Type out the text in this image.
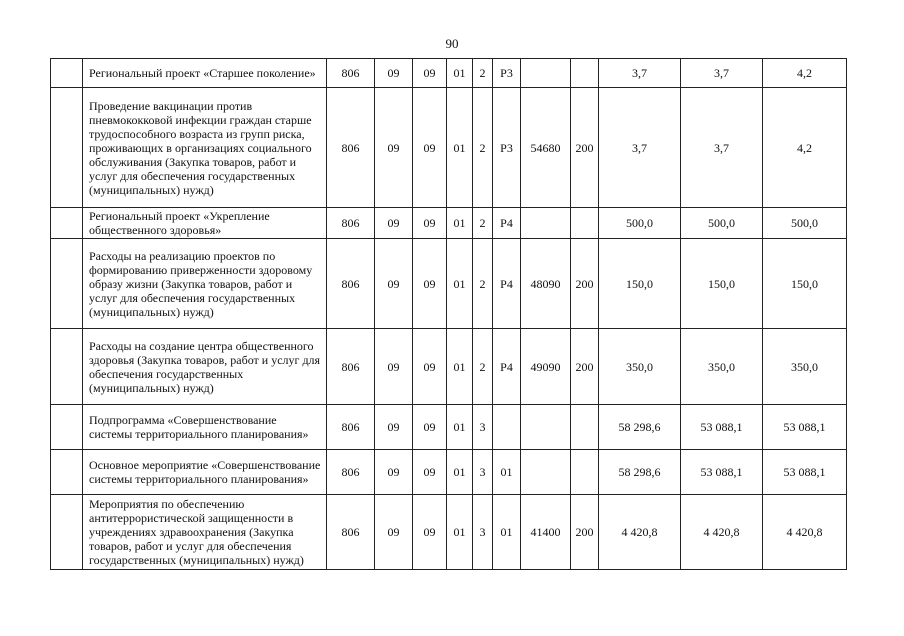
90
	Региональный проект «Старшее поколение»	806	09	09	01	2	Р3			3,7	3,7	4,2
	Проведение вакцинации против пневмококковой инфекции граждан старше трудоспособного возраста из групп риска, проживающих в организациях социального обслуживания (Закупка товаров, работ и услуг для обеспечения государственных (муниципальных) нужд)	806	09	09	01	2	Р3	54680	200	3,7	3,7	4,2
	Региональный проект «Укрепление общественного здоровья»	806	09	09	01	2	Р4			500,0	500,0	500,0
	Расходы на реализацию проектов по формированию приверженности здоровому образу жизни (Закупка товаров, работ и услуг для обеспечения государственных (муниципальных) нужд)	806	09	09	01	2	Р4	48090	200	150,0	150,0	150,0
	Расходы на создание центра общественного здоровья (Закупка товаров, работ и услуг для обеспечения государственных (муниципальных) нужд)	806	09	09	01	2	Р4	49090	200	350,0	350,0	350,0
	Подпрограмма «Совершенствование системы территориального планирования»	806	09	09	01	3				58 298,6	53 088,1	53 088,1
	Основное мероприятие «Совершенствование системы территориального планирования»	806	09	09	01	3	01			58 298,6	53 088,1	53 088,1
	Мероприятия по обеспечению антитеррористической защищенности в учреждениях здравоохранения (Закупка товаров, работ и услуг для обеспечения государственных (муниципальных) нужд)	806	09	09	01	3	01	41400	200	4 420,8	4 420,8	4 420,8
